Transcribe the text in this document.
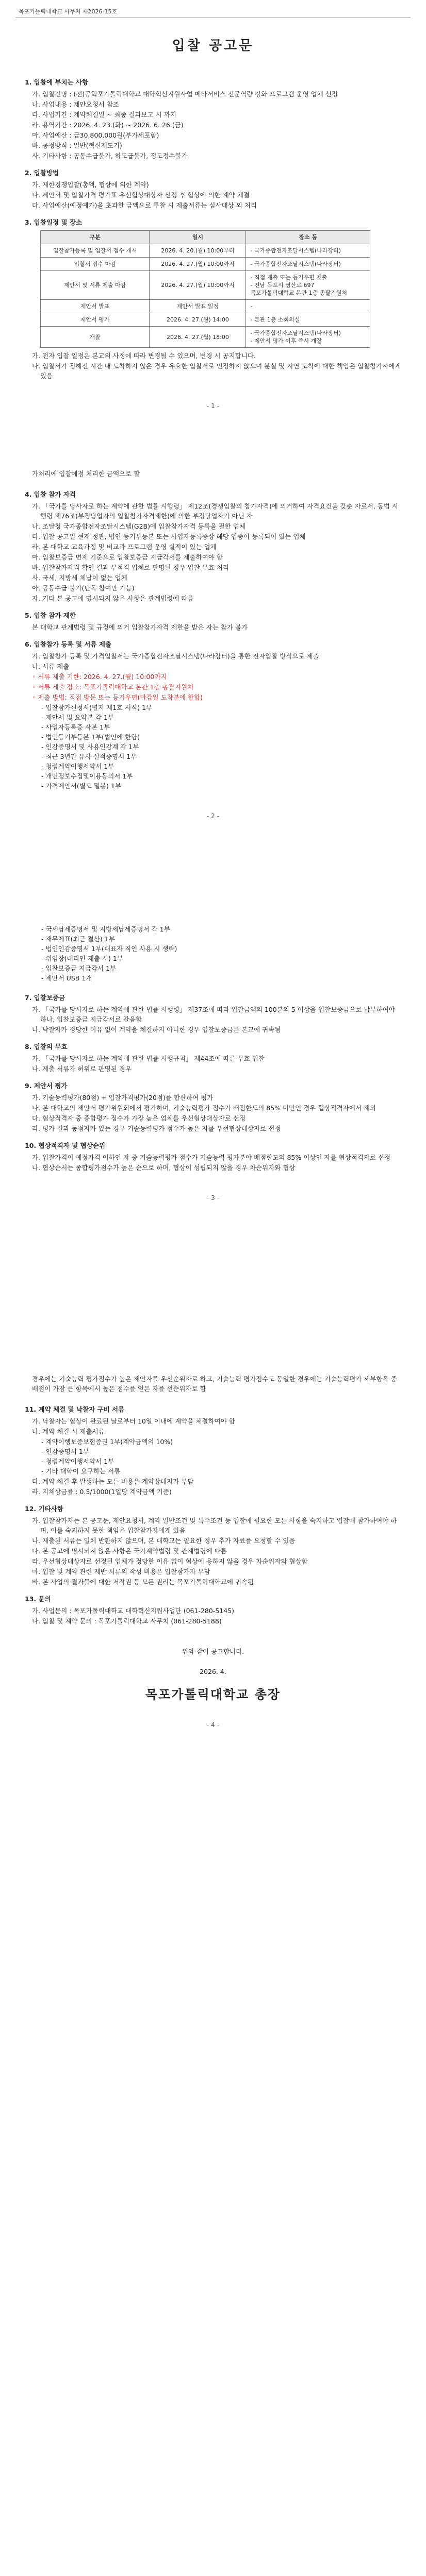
목포가톨릭대학교 사무처 제2026-15호
입찰 공고문
1. 입찰에 부치는 사항
가. 입찰건명 : (전)공혁포가톨릭대학교 대학혁신지원사업 메타서비스 전문역량 강화 프로그램 운영 업체 선정
나. 사업내용 : 제안요청서 참조
다. 사업기간 : 계약체결일 ~ 최종 결과보고 시 까지
라. 용역기간 : 2026. 4. 23.(화) ~ 2026. 6. 26.(금)
마. 사업예산 : 금30,800,000원(부가세포함)
바. 공정방식 : 일반(혁신제도기)
사. 기타사항 : 공동수급불가, 하도급불가, 정도정수불가
2. 입찰방법
가. 제한경쟁입찰(총액, 협상에 의한 계약)
나. 제안서 및 입찰가격 평가표 우선협상대상자 선정 후 협상에 의한 계약 체결
다. 사업예산(예정예가)을 초과한 금액으로 투찰 시 제출서류는 심사대상 외 처리
3. 입찰일정 및 장소
구분	일시	장소 등
입찰참가등록 및 입찰서 접수 개시	2026. 4. 20.(월) 10:00부터	- 국가종합전자조달시스템(나라장터)
입찰서 접수 마감	2026. 4. 27.(월) 10:00까지	- 국가종합전자조달시스템(나라장터)
제안서 및 서류 제출 마감	2026. 4. 27.(월) 10:00까지	- 직접 제출 또는 등기우편 제출
- 전남 목포시 영산로 697
목포가톨릭대학교 본관 1층 총괄지원처
제안서 발표	제안서 발표 일정	-
제안서 평가	2026. 4. 27.(월) 14:00	- 본관 1층 소회의실
개찰	2026. 4. 27.(월) 18:00	- 국가종합전자조달시스템(나라장터)
- 제안서 평가 이후 즉시 개찰
가. 전자 입찰 일정은 본교의 사정에 따라 변경될 수 있으며, 변경 시 공지합니다.
나. 입찰서가 정해진 시간 내 도착하지 않은 경우 유효한 입찰서로 인정하지 않으며 분실 및 지연 도착에 대한 책임은 입찰참가자에게 있음
- 1 -
가처리에 입찰예정 처리한 금액으로 할
4. 입찰 참가 자격
가. 「국가를 당사자로 하는 계약에 관한 법률 시행령」 제12조(경쟁입찰의 참가자격)에 의거하여 자격요건을 갖춘 자로서, 동법 시행령 제76조(부정당업자의 입찰참가자격제한)에 의한 부정당업자가 아닌 자
나. 조달청 국가종합전자조달시스템(G2B)에 입찰참가자격 등록을 필한 업체
다. 입찰 공고일 현재 정관, 법인 등기부등본 또는 사업자등록증상 해당 업종이 등록되어 있는 업체
라. 본 대학교 교육과정 및 비교과 프로그램 운영 실적이 있는 업체
마. 입찰보증금 면제 기준으로 입찰보증금 지급각서를 제출하여야 함
바. 입찰참가자격 확인 결과 부적격 업체로 판명된 경우 입찰 무효 처리
사. 국세, 지방세 체납이 없는 업체
아. 공동수급 불가(단독 참여만 가능)
자. 기타 본 공고에 명시되지 않은 사항은 관계법령에 따름
5. 입찰 참가 제한
본 대학교 관계법령 및 규정에 의거 입찰참가자격 제한을 받은 자는 참가 불가
6. 입찰참가 등록 및 서류 제출
가. 입찰참가 등록 및 가격입찰서는 국가종합전자조달시스템(나라장터)을 통한 전자입찰 방식으로 제출
나. 서류 제출
◦ 서류 제출 기한: 2026. 4. 27.(월) 10:00까지
◦ 서류 제출 장소: 목포가톨릭대학교 본관 1층 총괄지원처
◦ 제출 방법: 직접 방문 또는 등기우편(마감일 도착분에 한함)
- 입찰참가신청서(별지 제1호 서식) 1부
- 제안서 및 요약본 각 1부
- 사업자등록증 사본 1부
- 법인등기부등본 1부(법인에 한함)
- 인감증명서 및 사용인감계 각 1부
- 최근 3년간 유사 실적증명서 1부
- 청렴계약이행서약서 1부
- 개인정보수집및이용동의서 1부
- 가격제안서(별도 밀봉) 1부
- 2 -
- 국세납세증명서 및 지방세납세증명서 각 1부
- 재무제표(최근 결산) 1부
- 법인인감증명서 1부(대표자 직인 사용 시 생략)
- 위임장(대리인 제출 시) 1부
- 입찰보증금 지급각서 1부
- 제안서 USB 1개
7. 입찰보증금
가. 「국가를 당사자로 하는 계약에 관한 법률 시행령」 제37조에 따라 입찰금액의 100분의 5 이상을 입찰보증금으로 납부하여야 하나, 입찰보증금 지급각서로 갈음함
나. 낙찰자가 정당한 이유 없이 계약을 체결하지 아니한 경우 입찰보증금은 본교에 귀속됨
8. 입찰의 무효
가. 「국가를 당사자로 하는 계약에 관한 법률 시행규칙」 제44조에 따른 무효 입찰
나. 제출 서류가 허위로 판명된 경우
9. 제안서 평가
가. 기술능력평가(80점) + 입찰가격평가(20점)를 합산하여 평가
나. 본 대학교의 제안서 평가위원회에서 평가하며, 기술능력평가 점수가 배점한도의 85% 미만인 경우 협상적격자에서 제외
다. 협상적격자 중 종합평가 점수가 가장 높은 업체를 우선협상대상자로 선정
라. 평가 결과 동점자가 있는 경우 기술능력평가 점수가 높은 자를 우선협상대상자로 선정
10. 협상적격자 및 협상순위
가. 입찰가격이 예정가격 이하인 자 중 기술능력평가 점수가 기술능력 평가분야 배점한도의 85% 이상인 자를 협상적격자로 선정
나. 협상순서는 종합평가점수가 높은 순으로 하며, 협상이 성립되지 않을 경우 차순위자와 협상
- 3 -
경우에는 기술능력 평가점수가 높은 제안자를 우선순위자로 하고, 기술능력 평가점수도 동일한 경우에는 기술능력평가 세부항목 중 배점이 가장 큰 항목에서 높은 점수를 얻은 자를 선순위자로 함
11. 계약 체결 및 낙찰자 구비 서류
가. 낙찰자는 협상이 완료된 날로부터 10일 이내에 계약을 체결하여야 함
나. 계약 체결 시 제출서류
- 계약이행보증보험증권 1부(계약금액의 10%)
- 인감증명서 1부
- 청렴계약이행서약서 1부
- 기타 대학이 요구하는 서류
다. 계약 체결 후 발생하는 모든 비용은 계약상대자가 부담
라. 지체상금률 : 0.5/1000(1일당 계약금액 기준)
12. 기타사항
가. 입찰참가자는 본 공고문, 제안요청서, 계약 일반조건 및 특수조건 등 입찰에 필요한 모든 사항을 숙지하고 입찰에 참가하여야 하며, 이를 숙지하지 못한 책임은 입찰참가자에게 있음
나. 제출된 서류는 일체 반환하지 않으며, 본 대학교는 필요한 경우 추가 자료를 요청할 수 있음
다. 본 공고에 명시되지 않은 사항은 국가계약법령 및 관계법령에 따름
라. 우선협상대상자로 선정된 업체가 정당한 이유 없이 협상에 응하지 않을 경우 차순위자와 협상함
마. 입찰 및 계약 관련 제반 서류의 작성 비용은 입찰참가자 부담
바. 본 사업의 결과물에 대한 저작권 등 모든 권리는 목포가톨릭대학교에 귀속됨
13. 문의
가. 사업문의 : 목포가톨릭대학교 대학혁신지원사업단 (061-280-5145)
나. 입찰 및 계약 문의 : 목포가톨릭대학교 사무처 (061-280-5188)
위와 같이 공고합니다.
2026. 4.
목포가톨릭대학교 총장
- 4 -
